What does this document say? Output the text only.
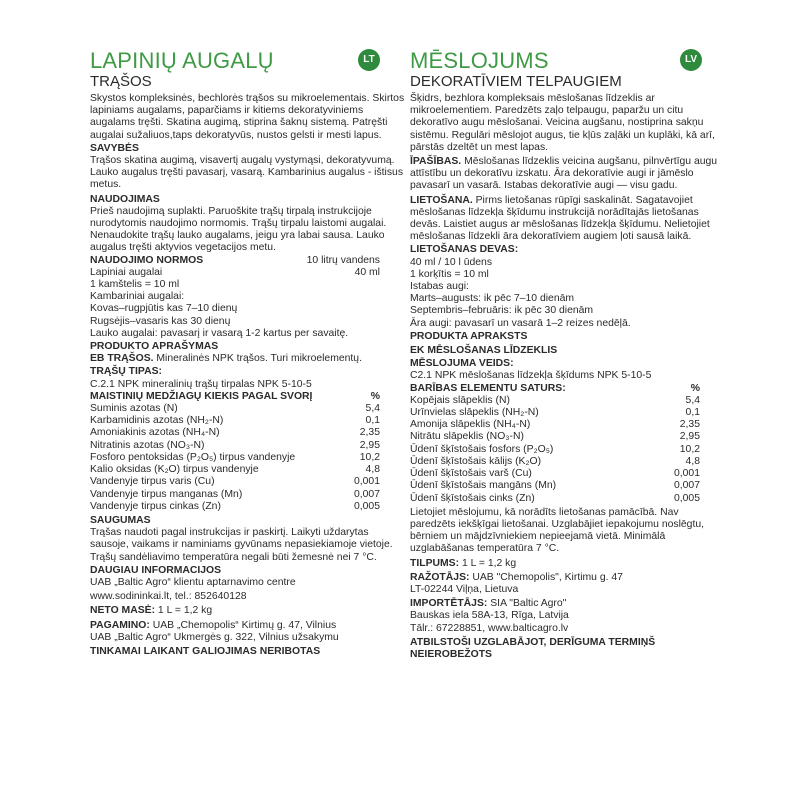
LT
LAPINIŲ AUGALŲ
TRĄŠOS

Skystos kompleksinės, bechlorės trąšos su mikroelementais. Skirtos lapiniams augalams, paparčiams ir kitiems dekoratyviniems augalams tręšti. Skatina augimą, stiprina šaknų sistemą. Patręšti augalai sužaliuos,taps dekoratyvūs, nustos gelsti ir mesti lapus.

SAVYBĖS

Trąšos skatina augimą, visavertį augalų vystymąsi, dekoratyvumą. Lauko augalus tręšti pavasarį, vasarą. Kambarinius augalus - ištisus metus.

NAUDOJIMAS

Prieš naudojimą suplakti. Paruoškite trąšų tirpalą instrukcijoje nurodytomis naudojimo normomis. Trąšų tirpalu laistomi augalai. Nenaudokite trąšų lauko augalams, jeigu yra labai sausa. Lauko augalus tręšti aktyvios vegetacijos metu.

NAUDOJIMO NORMOS	10 litrų vandens
Lapiniai augalai	40 ml

1 kamštelis = 10 ml

Kambariniai augalai:

Kovas–rugpjūtis kas 7–10 dienų

Rugsėjis–vasaris kas 30 dienų

Lauko augalai: pavasarį ir vasarą 1-2 kartus per savaitę.

PRODUKTO APRAŠYMAS

EB TRĄŠOS. Mineralinės NPK trąšos. Turi mikroelementų.

TRĄŠŲ TIPAS:

C.2.1 NPK mineralinių trąšų tirpalas NPK 5-10-5

MAISTINIŲ MEDŽIAGŲ KIEKIS PAGAL SVORĮ	%
Suminis azotas (N)	5,4
Karbamidinis azotas (NH₂-N)	0,1
Amoniakinis azotas (NH₄-N)	2,35
Nitratinis azotas (NO₃-N)	2,95
Fosforo pentoksidas (P₂O₅) tirpus vandenyje	10,2
Kalio oksidas (K₂O) tirpus vandenyje	4,8
Vandenyje tirpus varis (Cu)	0,001
Vandenyje tirpus manganas (Mn)	0,007
Vandenyje tirpus cinkas (Zn)	0,005

SAUGUMAS

Trąšas naudoti pagal instrukcijas ir paskirtį. Laikyti uždarytas sausoje, vaikams ir naminiams gyvūnams nepasiekiamoje vietoje. Trąšų sandėliavimo temperatūra negali būti žemesnė nei 7 °C.

DAUGIAU INFORMACIJOS

UAB „Baltic Agro“ klientu aptarnavimo centre

www.sodininkai.lt, tel.: 852640128

NETO MASĖ: 1 L = 1,2 kg

PAGAMINO: UAB „Chemopolis“ Kirtimų g. 47, Vilnius

UAB „Baltic Agro“ Ukmergės g. 322, Vilnius užsakymu

TINKAMAI LAIKANT GALIOJIMAS NERIBOTAS

LV
MĒSLOJUMS
DEKORATĪVIEM TELPAUGIEM

Šķidrs, bezhlora kompleksais mēslošanas līdzeklis ar mikroelementiem. Paredzēts zaļo telpaugu, paparžu un citu dekoratīvo augu mēslošanai. Veicina augšanu, nostiprina sakņu sistēmu. Regulāri mēslojot augus, tie kļūs zaļāki un kuplāki, kā arī, pārstās dzeltēt un mest lapas.

ĪPAŠĪBAS. Mēslošanas līdzeklis veicina augšanu, pilnvērtīgu augu attīstību un dekoratīvu izskatu. Āra dekoratīvie augi ir jāmēslo pavasarī un vasarā. Istabas dekoratīvie augi — visu gadu.

LIETOŠANA. Pirms lietošanas rūpīgi saskalināt. Sagatavojiet mēslošanas līdzekļa šķīdumu instrukcijā norādītajās lietošanas devās. Laistiet augus ar mēslošanas līdzekļa šķīdumu. Nelietojiet mēslošanas līdzekli āra dekoratīviem augiem ļoti sausā laikā.

LIETOŠANAS DEVAS:

40 ml / 10 l ūdens

1 korķītis = 10 ml

Istabas augi:

Marts–augusts: ik pēc 7–10 dienām

Septembris–februāris: ik pēc 30 dienām

Āra augi: pavasarī un vasarā 1–2 reizes nedēļā.

PRODUKTA APRAKSTS

EK MĒSLOŠANAS LĪDZEKLIS

MĒSLOJUMA VEIDS:

C2.1 NPK mēslošanas līdzekļa šķīdums NPK 5-10-5

BARĪBAS ELEMENTU SATURS:	%
Kopējais slāpeklis (N)	5,4
Urīnvielas slāpeklis (NH₂-N)	0,1
Amonija slāpeklis (NH₄-N)	2,35
Nitrātu slāpeklis (NO₃-N)	2,95
Ūdenī šķīstošais fosfors (P₂O₅)	10,2
Ūdenī šķīstošais kālijs (K₂O)	4,8
Ūdenī šķīstošais varš (Cu)	0,001
Ūdenī šķīstošais mangāns (Mn)	0,007
Ūdenī šķīstošais cinks (Zn)	0,005

Lietojiet mēslojumu, kā norādīts lietošanas pamācībā. Nav paredzēts iekšķīgai lietošanai. Uzglabājiet iepakojumu noslēgtu, bērniem un mājdzīvniekiem nepieejamā vietā. Minimālā uzglabāšanas temperatūra 7 °C.

TILPUMS: 1 L = 1,2 kg

RAŽOTĀJS: UAB "Chemopolis", Kirtimu g. 47

LT-02244 Viļņa, Lietuva

IMPORTĒTĀJS: SIA "Baltic Agro"

Bauskas iela 58A-13, Rīga, Latvija

Tālr.: 67228851, www.balticagro.lv

ATBILSTOŠI UZGLABĀJOT, DERĪGUMA TERMIŅŠ NEIEROBEŽOTS
